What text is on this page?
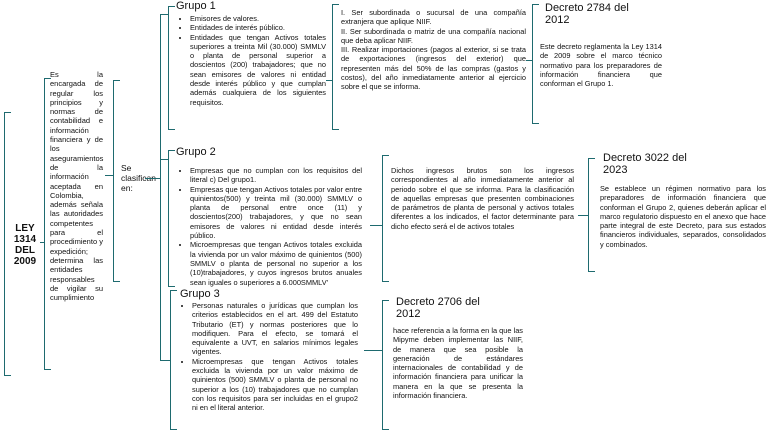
LEY 1314 DEL 2009
Es la encargada de regular los principios y normas de contabilidad e información financiera y de los aseguramientos de la información aceptada en Colombia, además señala las autoridades competentes para el procedimiento y expedición; determina las entidades responsables de vigilar su cumplimiento
Se clasifican en:
Grupo 1
• Emisores de valores.
• Entidades de interés público.
• Entidades que tengan Activos totales superiores a treinta Mil (30.000) SMMLV o planta de personal superior a doscientos (200) trabajadores; que no sean emisores de valores ni entidad desde interés público y que cumplan además cualquiera de los siguientes requisitos.
I. Ser subordinada o sucursal de una compañía extranjera que aplique NIIF.
II. Ser subordinada o matriz de una compañía nacional que deba aplicar NIIF.
III. Realizar importaciones (pagos al exterior, si se trata de exportaciones (ingresos del exterior) que representen más del 50% de las compras (gastos y costos), del año inmediatamente anterior al ejercicio sobre el que se informa.
Decreto 2784 del 2012
Este decreto reglamenta la Ley 1314 de 2009 sobre el marco técnico normativo para los preparadores de información financiera que conforman el Grupo 1.
Grupo 2
• Empresas que no cumplan con los requisitos del literal c) Del grupo1.
• Empresas que tengan Activos totales por valor entre quinientos(500) y treinta mil (30.000) SMMLV o planta de personal entre once (11) y doscientos(200) trabajadores, y que no sean emisores de valores ni entidad desde interés público.
• Microempresas que tengan Activos totales excluida la vivienda por un valor máximo de quinientos (500) SMMLV o planta de personal no superior a los (10)trabajadores, y cuyos ingresos brutos anuales sean iguales o superiores a 6.000SMMLV'
Dichos ingresos brutos son los ingresos correspondientes al año inmediatamente anterior al periodo sobre el que se informa. Para la clasificación de aquellas empresas que presenten combinaciones de parámetros de planta de personal y activos totales diferentes a los indicados, el factor determinante para dicho efecto será el de activos totales
Decreto 3022 del 2023
Se establece un régimen normativo para los preparadores de información financiera que conforman el Grupo 2, quienes deberán aplicar el marco regulatorio dispuesto en el anexo que hace parte integral de este Decreto, para sus estados financieros individuales, separados, consolidados y combinados.
Grupo 3
• Personas naturales o jurídicas que cumplan los criterios establecidos en el art. 499 del Estatuto Tributario (ET) y normas posteriores que lo modifiquen. Para el efecto, se tomará el equivalente a UVT, en salarios mínimos legales vigentes.
• Microempresas que tengan Activos totales excluida la vivienda por un valor máximo de quinientos (500) SMMLV o planta de personal no superior a los (10) trabajadores que no cumplan con los requisitos para ser incluidas en el grupo2 ni en el literal anterior.
Decreto 2706 del 2012
hace referencia a la forma en la que las Mipyme deben implementar las NIIF, de manera que sea posible la generación de estándares internacionales de contabilidad y de información financiera para unificar la manera en la que se presenta la información financiera.
